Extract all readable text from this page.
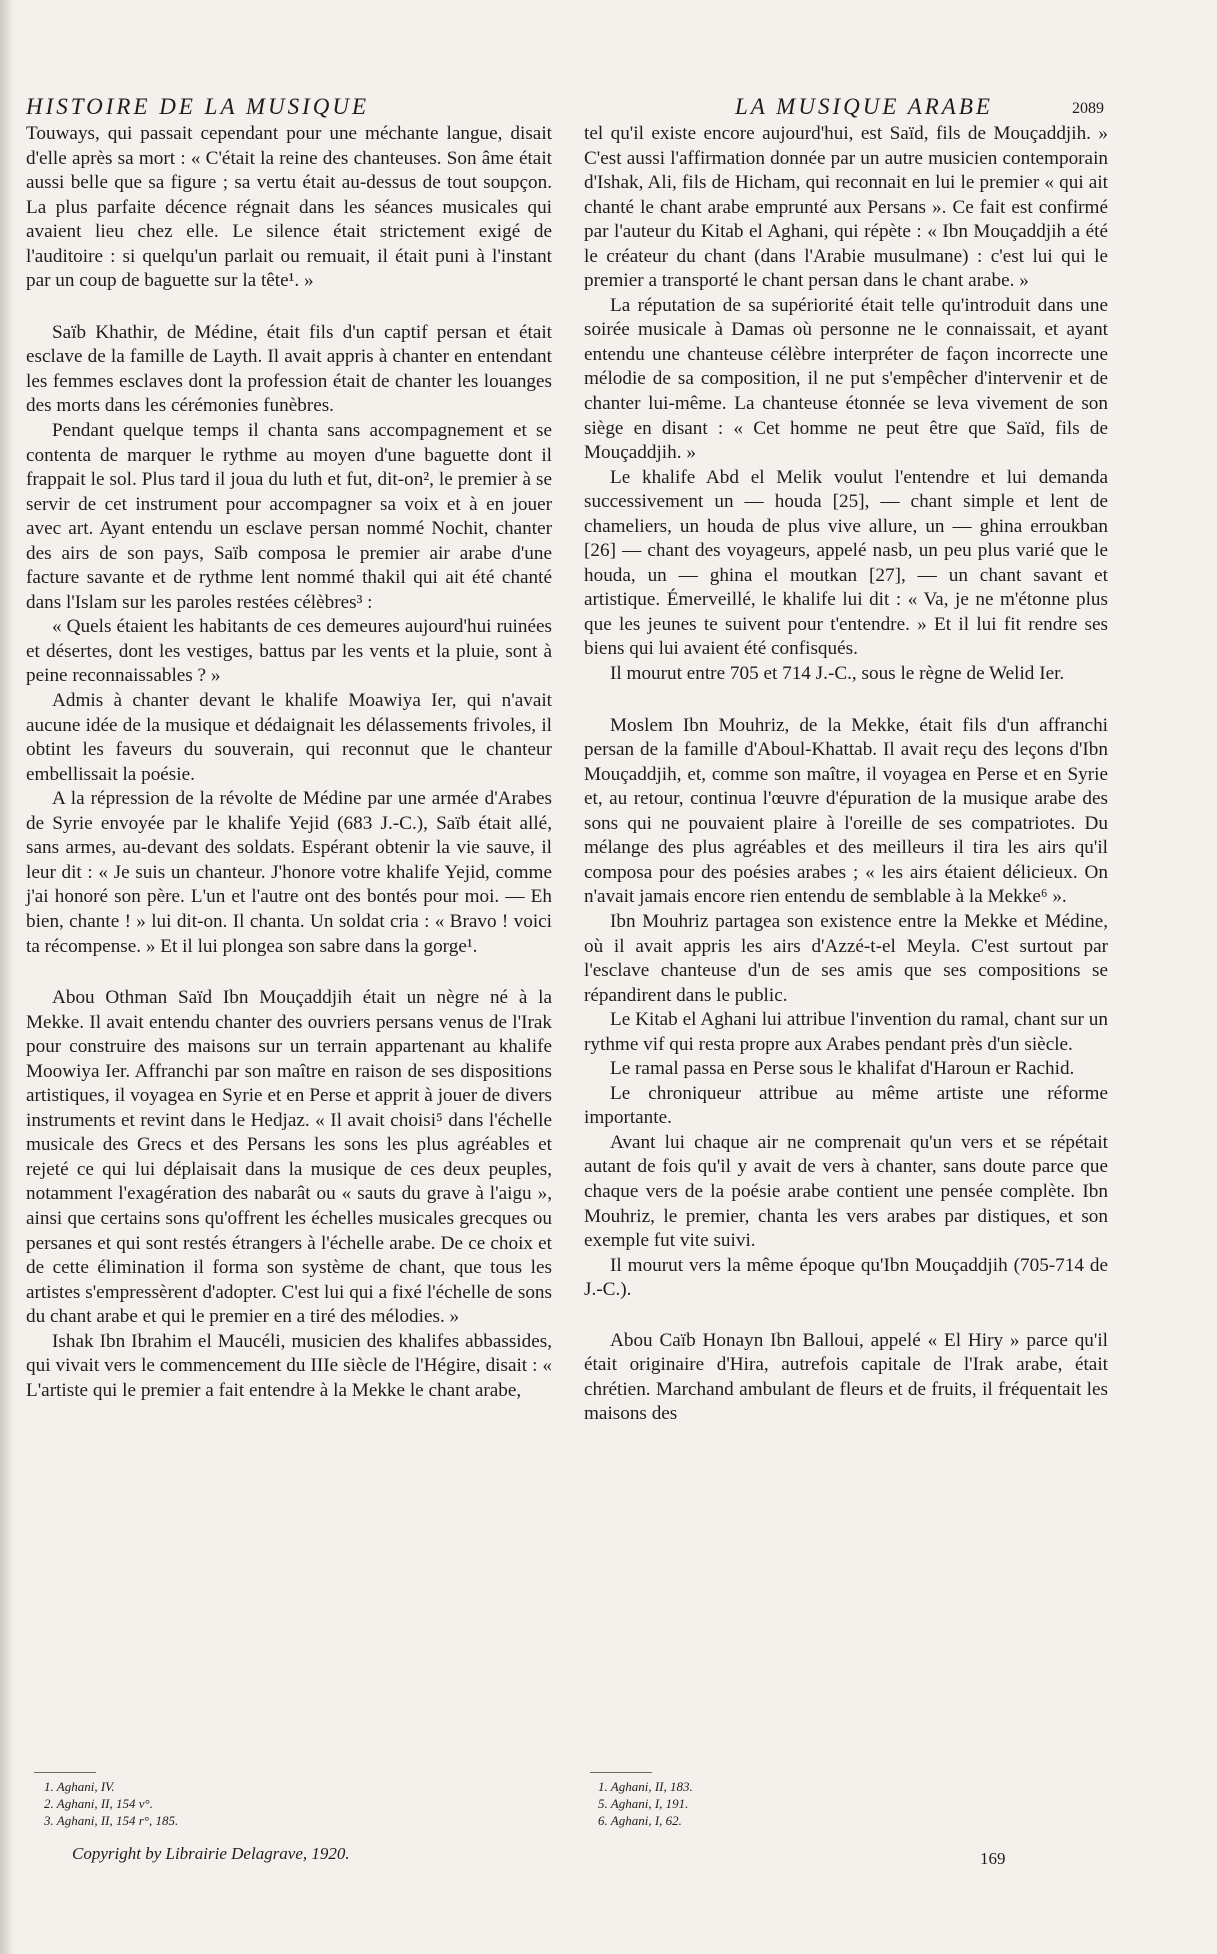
HISTOIRE DE LA MUSIQUE	LA MUSIQUE ARABE	2089

Touways, qui passait cependant pour une méchante langue, disait d'elle après sa mort : « C'était la reine des chanteuses. Son âme était aussi belle que sa figure ; sa vertu était au-dessus de tout soupçon. La plus parfaite décence régnait dans les séances musicales qui avaient lieu chez elle. Le silence était strictement exigé de l'auditoire : si quelqu'un parlait ou remuait, il était puni à l'instant par un coup de baguette sur la tête¹. »

Saïb Khathir, de Médine, était fils d'un captif persan et était esclave de la famille de Layth. Il avait appris à chanter en entendant les femmes esclaves dont la profession était de chanter les louanges des morts dans les cérémonies funèbres.

Pendant quelque temps il chanta sans accompagnement et se contenta de marquer le rythme au moyen d'une baguette dont il frappait le sol. Plus tard il joua du luth et fut, dit-on², le premier à se servir de cet instrument pour accompagner sa voix et à en jouer avec art. Ayant entendu un esclave persan nommé Nochit, chanter des airs de son pays, Saïb composa le premier air arabe d'une facture savante et de rythme lent nommé thakil qui ait été chanté dans l'Islam sur les paroles restées célèbres³ :

« Quels étaient les habitants de ces demeures aujourd'hui ruinées et désertes, dont les vestiges, battus par les vents et la pluie, sont à peine reconnaissables ? »

Admis à chanter devant le khalife Moawiya Ier, qui n'avait aucune idée de la musique et dédaignait les délassements frivoles, il obtint les faveurs du souverain, qui reconnut que le chanteur embellissait la poésie.

A la répression de la révolte de Médine par une armée d'Arabes de Syrie envoyée par le khalife Yejid (683 J.-C.), Saïb était allé, sans armes, au-devant des soldats. Espérant obtenir la vie sauve, il leur dit : « Je suis un chanteur. J'honore votre khalife Yejid, comme j'ai honoré son père. L'un et l'autre ont des bontés pour moi. — Eh bien, chante ! » lui dit-on. Il chanta. Un soldat cria : « Bravo ! voici ta récompense. » Et il lui plongea son sabre dans la gorge¹.

Abou Othman Saïd Ibn Mouçaddjih était un nègre né à la Mekke. Il avait entendu chanter des ouvriers persans venus de l'Irak pour construire des maisons sur un terrain appartenant au khalife Moowiya Ier. Affranchi par son maître en raison de ses dispositions artistiques, il voyagea en Syrie et en Perse et apprit à jouer de divers instruments et revint dans le Hedjaz. « Il avait choisi⁵ dans l'échelle musicale des Grecs et des Persans les sons les plus agréables et rejeté ce qui lui déplaisait dans la musique de ces deux peuples, notamment l'exagération des nabarât ou « sauts du grave à l'aigu », ainsi que certains sons qu'offrent les échelles musicales grecques ou persanes et qui sont restés étrangers à l'échelle arabe. De ce choix et de cette élimination il forma son système de chant, que tous les artistes s'empressèrent d'adopter. C'est lui qui a fixé l'échelle de sons du chant arabe et qui le premier en a tiré des mélodies. »

Ishak Ibn Ibrahim el Maucéli, musicien des khalifes abbassides, qui vivait vers le commencement du IIIe siècle de l'Hégire, disait : « L'artiste qui le premier a fait entendre à la Mekke le chant arabe,

tel qu'il existe encore aujourd'hui, est Saïd, fils de Mouçaddjih. » C'est aussi l'affirmation donnée par un autre musicien contemporain d'Ishak, Ali, fils de Hicham, qui reconnait en lui le premier « qui ait chanté le chant arabe emprunté aux Persans ». Ce fait est confirmé par l'auteur du Kitab el Aghani, qui répète : « Ibn Mouçaddjih a été le créateur du chant (dans l'Arabie musulmane) : c'est lui qui le premier a transporté le chant persan dans le chant arabe. »

La réputation de sa supériorité était telle qu'introduit dans une soirée musicale à Damas où personne ne le connaissait, et ayant entendu une chanteuse célèbre interpréter de façon incorrecte une mélodie de sa composition, il ne put s'empêcher d'intervenir et de chanter lui-même. La chanteuse étonnée se leva vivement de son siège en disant : « Cet homme ne peut être que Saïd, fils de Mouçaddjih. »

Le khalife Abd el Melik voulut l'entendre et lui demanda successivement un — houda [25], — chant simple et lent de chameliers, un houda de plus vive allure, un — ghina erroukban [26] — chant des voyageurs, appelé nasb, un peu plus varié que le houda, un — ghina el moutkan [27], — un chant savant et artistique. Émerveillé, le khalife lui dit : « Va, je ne m'étonne plus que les jeunes te suivent pour t'entendre. » Et il lui fit rendre ses biens qui lui avaient été confisqués.

Il mourut entre 705 et 714 J.-C., sous le règne de Welid Ier.

Moslem Ibn Mouhriz, de la Mekke, était fils d'un affranchi persan de la famille d'Aboul-Khattab. Il avait reçu des leçons d'Ibn Mouçaddjih, et, comme son maître, il voyagea en Perse et en Syrie et, au retour, continua l'œuvre d'épuration de la musique arabe des sons qui ne pouvaient plaire à l'oreille de ses compatriotes. Du mélange des plus agréables et des meilleurs il tira les airs qu'il composa pour des poésies arabes ; « les airs étaient délicieux. On n'avait jamais encore rien entendu de semblable à la Mekke⁶ ».

Ibn Mouhriz partagea son existence entre la Mekke et Médine, où il avait appris les airs d'Azzé-t-el Meyla. C'est surtout par l'esclave chanteuse d'un de ses amis que ses compositions se répandirent dans le public.

Le Kitab el Aghani lui attribue l'invention du ramal, chant sur un rythme vif qui resta propre aux Arabes pendant près d'un siècle.

Le ramal passa en Perse sous le khalifat d'Haroun er Rachid.

Le chroniqueur attribue au même artiste une réforme importante.

Avant lui chaque air ne comprenait qu'un vers et se répétait autant de fois qu'il y avait de vers à chanter, sans doute parce que chaque vers de la poésie arabe contient une pensée complète. Ibn Mouhriz, le premier, chanta les vers arabes par distiques, et son exemple fut vite suivi.

Il mourut vers la même époque qu'Ibn Mouçaddjih (705-714 de J.-C.).

Abou Caïb Honayn Ibn Balloui, appelé « El Hiry » parce qu'il était originaire d'Hira, autrefois capitale de l'Irak arabe, était chrétien. Marchand ambulant de fleurs et de fruits, il fréquentait les maisons des

1. Aghani, IV.
2. Aghani, II, 154 v°.
3. Aghani, II, 154 r°, 185.
1. Aghani, II, 183.
5. Aghani, I, 191.
6. Aghani, I, 62.
Copyright by Librairie Delagrave, 1920.	169
